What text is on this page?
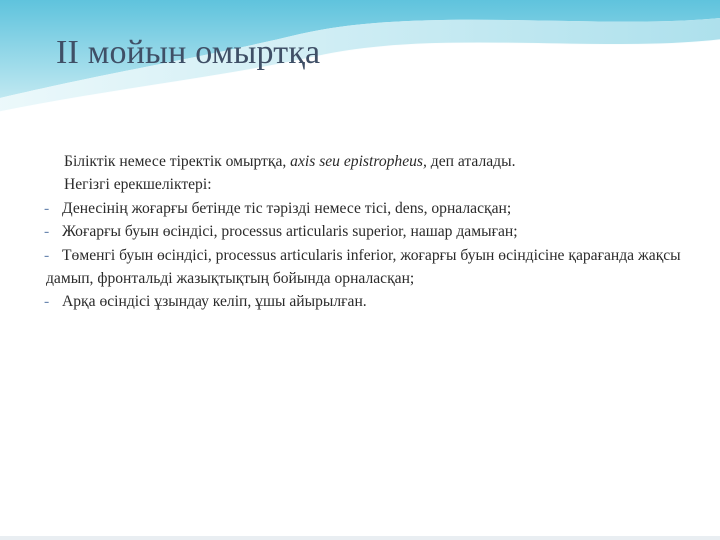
II мойын омыртқа

Біліктік немесе тіректік омыртқа, axis seu epistropheus, деп аталады.

Негізгі ерекшеліктері:

- Денесінің жоғарғы бетінде тіс тәрізді немесе тісі, dens, орналасқан;

- Жоғарғы буын өсіндісі, processus articularis superior, нашар дамыған;

- Төменгі буын өсіндісі, processus articularis inferior, жоғарғы буын өсіндісіне қарағанда жақсы дамып, фронтальді жазықтықтың бойында орналасқан;

- Арқа өсіндісі ұзындау келіп, ұшы айырылған.
